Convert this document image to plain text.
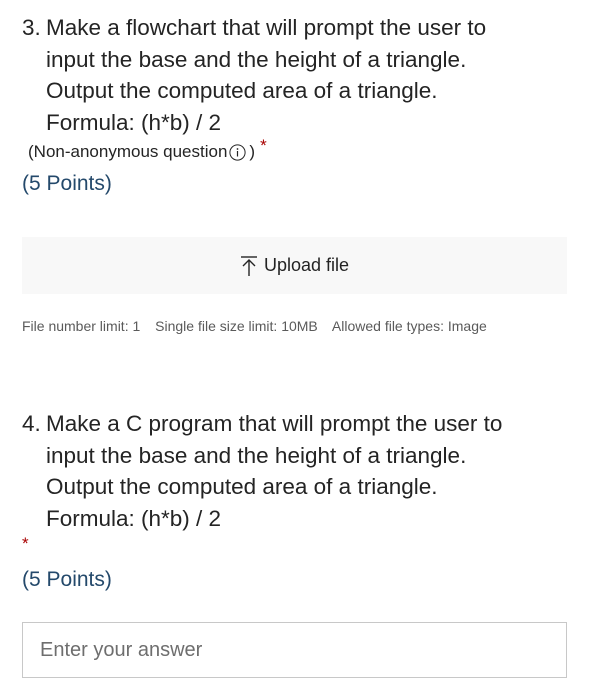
3. Make a flowchart that will prompt the user to
input the base and the height of a triangle.
Output the computed area of a triangle.
Formula: (h*b) / 2
(Non-anonymous question ) *
(5 Points)
Upload file
File number limit: 1 Single file size limit: 10MB Allowed file types: Image
4. Make a C program that will prompt the user to
input the base and the height of a triangle.
Output the computed area of a triangle.
Formula: (h*b) / 2
*
(5 Points)
Enter your answer
